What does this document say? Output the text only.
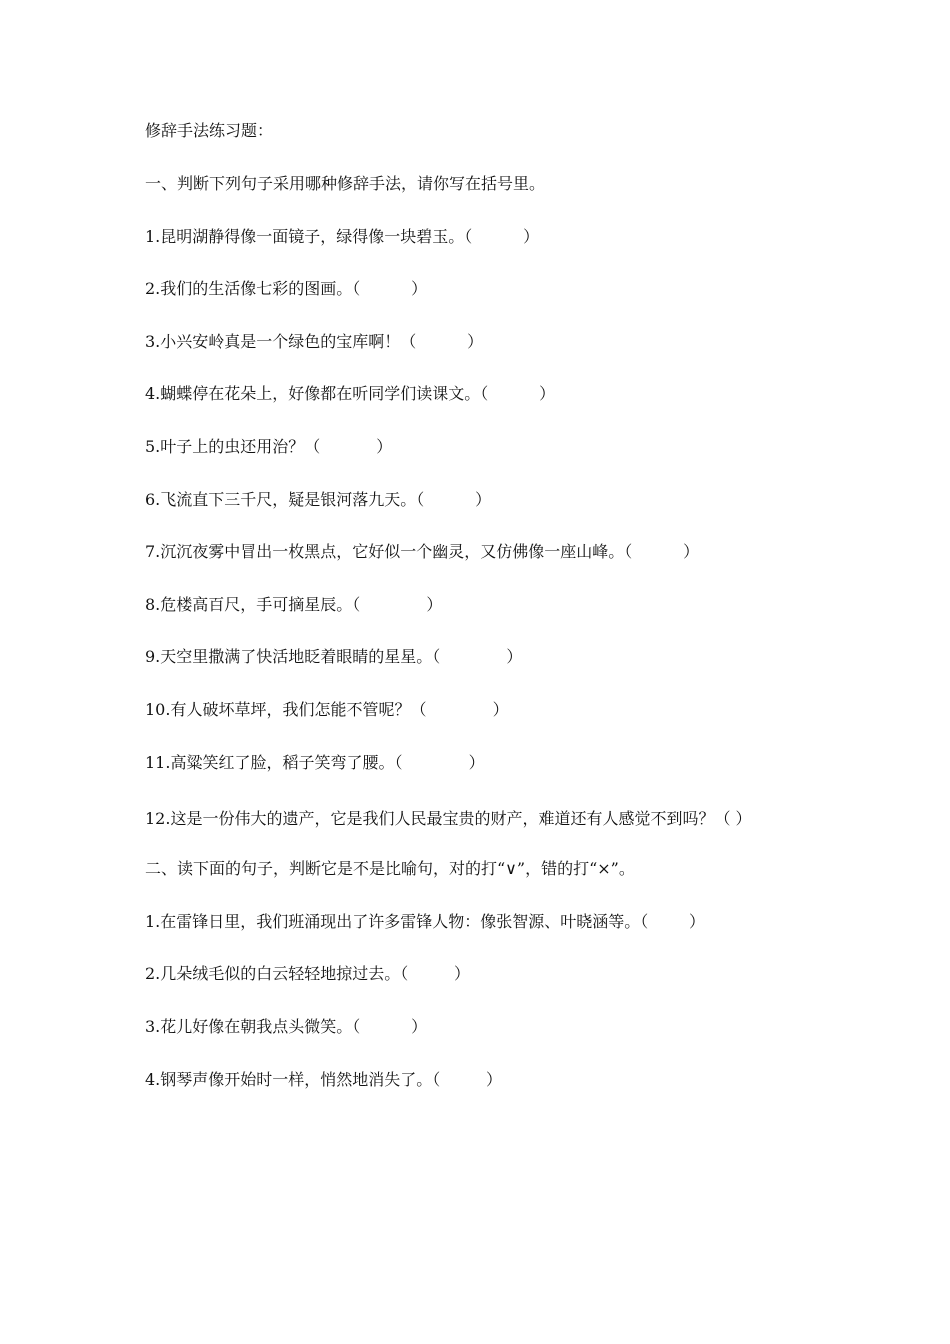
修辞手法练习题：
一、判断下列句子采用哪种修辞手法，请你写在括号里。
1.昆明湖静得像一面镜子，绿得像一块碧玉。（          ）
2.我们的生活像七彩的图画。（          ）
3.小兴安岭真是一个绿色的宝库啊！（          ）
4.蝴蝶停在花朵上，好像都在听同学们读课文。（          ）
5.叶子上的虫还用治？（           ）
6.飞流直下三千尺，疑是银河落九天。（          ）
7.沉沉夜雾中冒出一枚黑点，它好似一个幽灵，又仿佛像一座山峰。（          ）
8.危楼高百尺，手可摘星辰。（             ）
9.天空里撒满了快活地眨着眼睛的星星。（             ）
10.有人破坏草坪，我们怎能不管呢？（             ）
11.高粱笑红了脸，稻子笑弯了腰。（             ）
12.这是一份伟大的遗产，它是我们人民最宝贵的财产，难道还有人感觉不到吗？（ ）
二、读下面的句子，判断它是不是比喻句，对的打“∨”，错的打“×”。
1.在雷锋日里，我们班涌现出了许多雷锋人物：像张智源、叶晓涵等。（        ）
2.几朵绒毛似的白云轻轻地掠过去。（         ）
3.花儿好像在朝我点头微笑。（          ）
4.钢琴声像开始时一样，悄然地消失了。（         ）
